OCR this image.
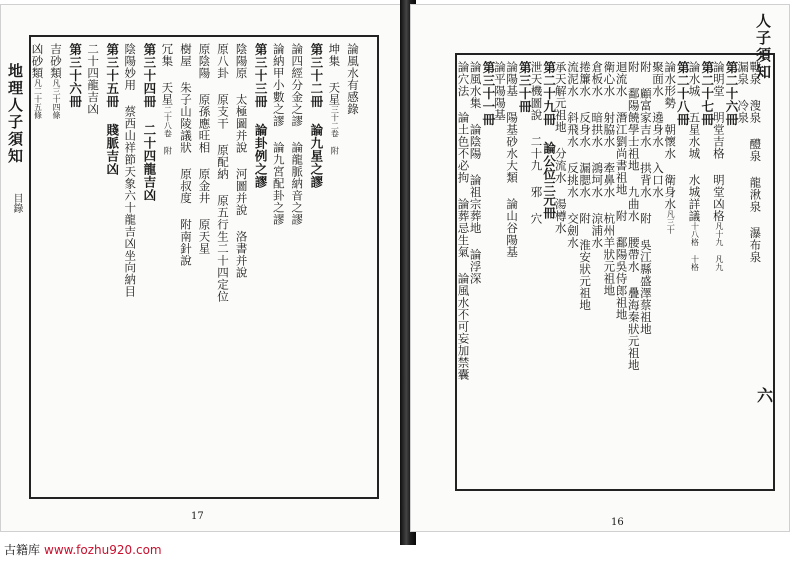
地理人子須知
目錄
論風水有感錄
坤集 天星三十二卷 附
第三十二冊 論九星之謬
論四經分金之謬 論龍脈納音之謬
論納甲小數之謬 論九宮配卦之謬
第三十三冊 論卦例之謬
陰陽原 太極圖并說 河圖并說 洛書并說
原八卦 原支干 原配納 原五行生二十四定位
原陰陽 原孫應旺相 原金井 原天星
樹屋 朱子山陵議狀 原叔度 附南針說
冗集 天星二十八卷 附
第三十四冊 二十四龍吉凶
陰陽妙用 蔡西山祥節天象六十龍吉凶坐向納目
第三十五冊 賤脈吉凶
二十四龍吉凶
第三十六冊
吉砂類凡三十四條
凶砂類凡二十五條
17
人子須知
六
戰泉 溲泉 醴泉 龍湫泉 瀑布泉
漏泉 冷泉
第二十六冊
論明堂 明堂吉格 明堂凶格凡十九 凡九
第二十七冊
論水城 五星水城 水城詳議十八格 十格
第二十八冊
論水形勢 朝懷水 衛身水凡三十
聚面水 遶身水 入口水
附 顧富家吉水 拱背水 附 吳江縣盛澤蔡祖地
附 鄱陽饒學士祖地 九曲水 腰帶水 疊海秦狀元祖地
迴流水 潛江劉尚書祖地 附 鄱陽吳侍郎祖地
衛心水 射脇水 牽鼻水 杭州羊狀元祖地
倉板水 暗拱水 鴻坷水 涼浦水
捲簾水 反身水 漏腮水 附 淮安狀元祖地
流泥水 斜飛水 反挑水 交劍水
承天解元祖地 分流水 湯樽水
第二十九冊 論公位三元冊
泄天機圖說 二十九 邪 穴
第三十冊
論陽基 陽基砂水大類 論山谷陽基
論平陽陽基
第三十一冊
論風水集 論陰陽 論祖宗葬地 論浮深
論穴法 論土色不必拘 論葬忌生氣 論風水不可妄加禁囊
16
古籍库 www.fozhu920.com
